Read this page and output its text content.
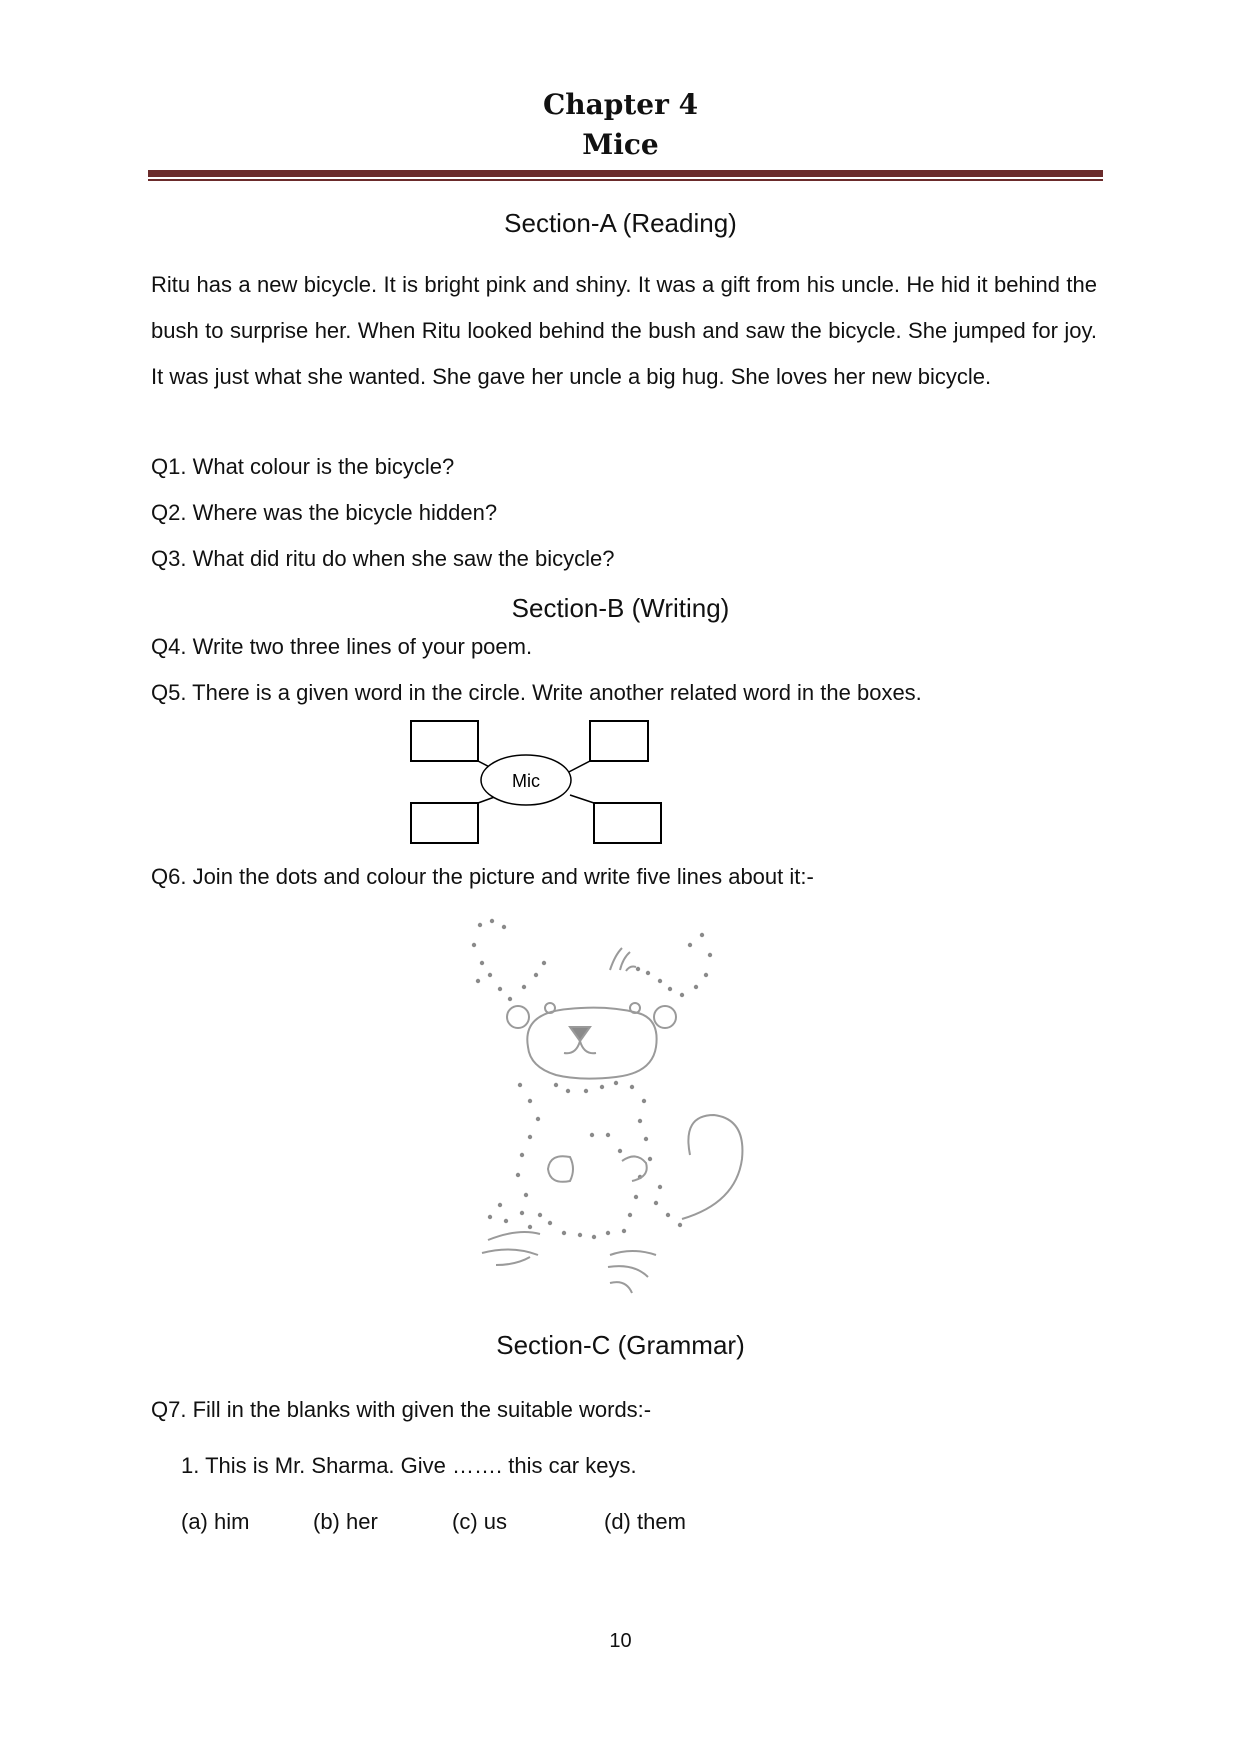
Chapter 4
Mice
Section-A (Reading)
Ritu has a new bicycle. It is bright pink and shiny. It was a gift from his uncle. He hid it behind the bush to surprise her. When Ritu looked behind the bush and saw the bicycle. She jumped for joy. It was just what she wanted. She gave her uncle a big hug. She loves her new bicycle.
Q1. What colour is the bicycle?
Q2. Where was the bicycle hidden?
Q3. What did ritu do when she saw the bicycle?
Section-B (Writing)
Q4. Write two three lines of your poem.
Q5. There is a given word in the circle. Write another related word in the boxes.
Mic
Q6. Join the dots and colour the picture and write five lines about it:-
Section-C (Grammar)
Q7. Fill in the blanks with given the suitable words:-
1. This is Mr. Sharma. Give ……. this car keys.
(a) him	(b) her	(c) us	(d) them
10
